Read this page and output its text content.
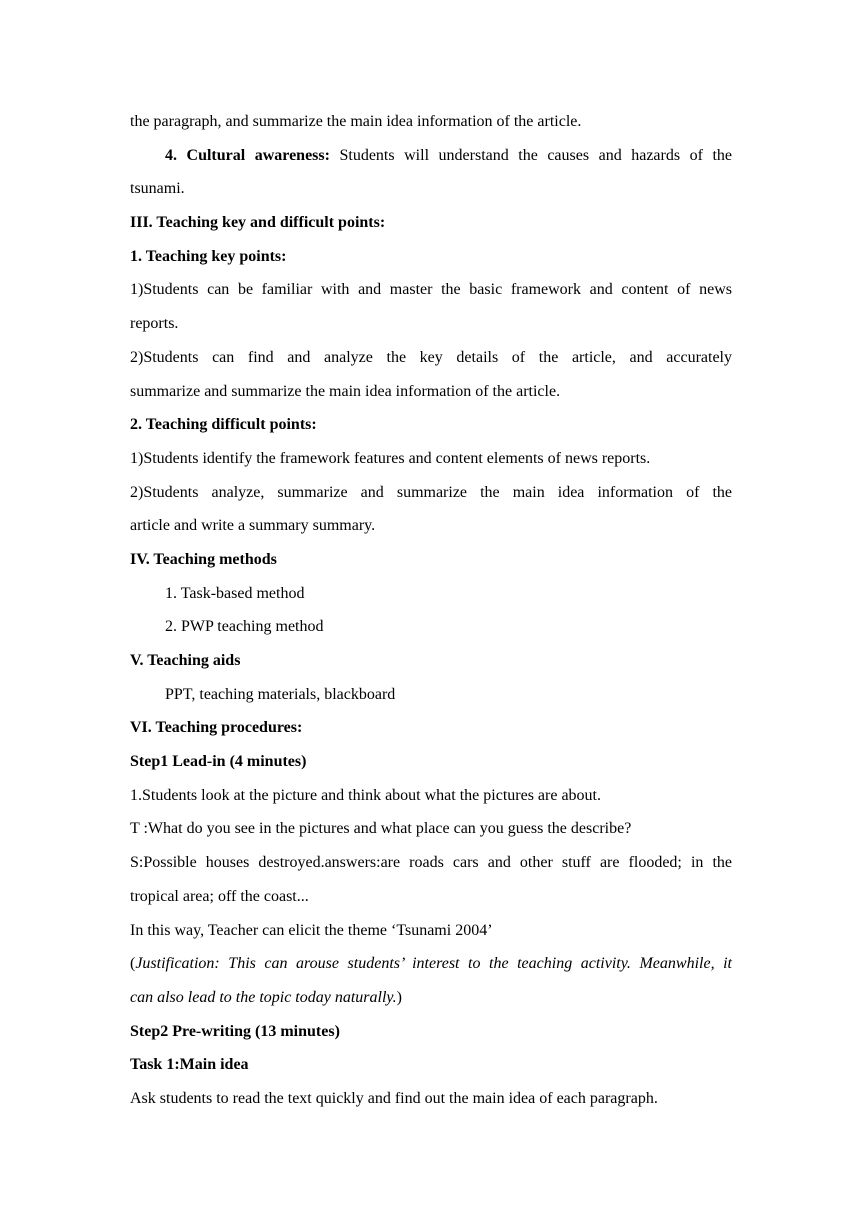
the paragraph, and summarize the main idea information of the article.
4. Cultural awareness: Students will understand the causes and hazards of the
tsunami.
III. Teaching key and difficult points:
1. Teaching key points:
1)Students can be familiar with and master the basic framework and content of news
reports.
2)Students can find and analyze the key details of the article, and accurately
summarize and summarize the main idea information of the article.
2. Teaching difficult points:
1)Students identify the framework features and content elements of news reports.
2)Students analyze, summarize and summarize the main idea information of the
article and write a summary summary.
IV. Teaching methods
1. Task-based method
2. PWP teaching method
V. Teaching aids
PPT, teaching materials, blackboard
VI. Teaching procedures:
Step1 Lead-in (4 minutes)
1.Students look at the picture and think about what the pictures are about.
T :What do you see in the pictures and what place can you guess the describe?
S:Possible houses destroyed.answers:are roads cars and other stuff are flooded; in the
tropical area; off the coast...
In this way, Teacher can elicit the theme ‘Tsunami 2004’
(Justification: This can arouse students’ interest to the teaching activity. Meanwhile, it
can also lead to the topic today naturally.)
Step2 Pre-writing (13 minutes)
Task 1:Main idea
Ask students to read the text quickly and find out the main idea of each paragraph.
